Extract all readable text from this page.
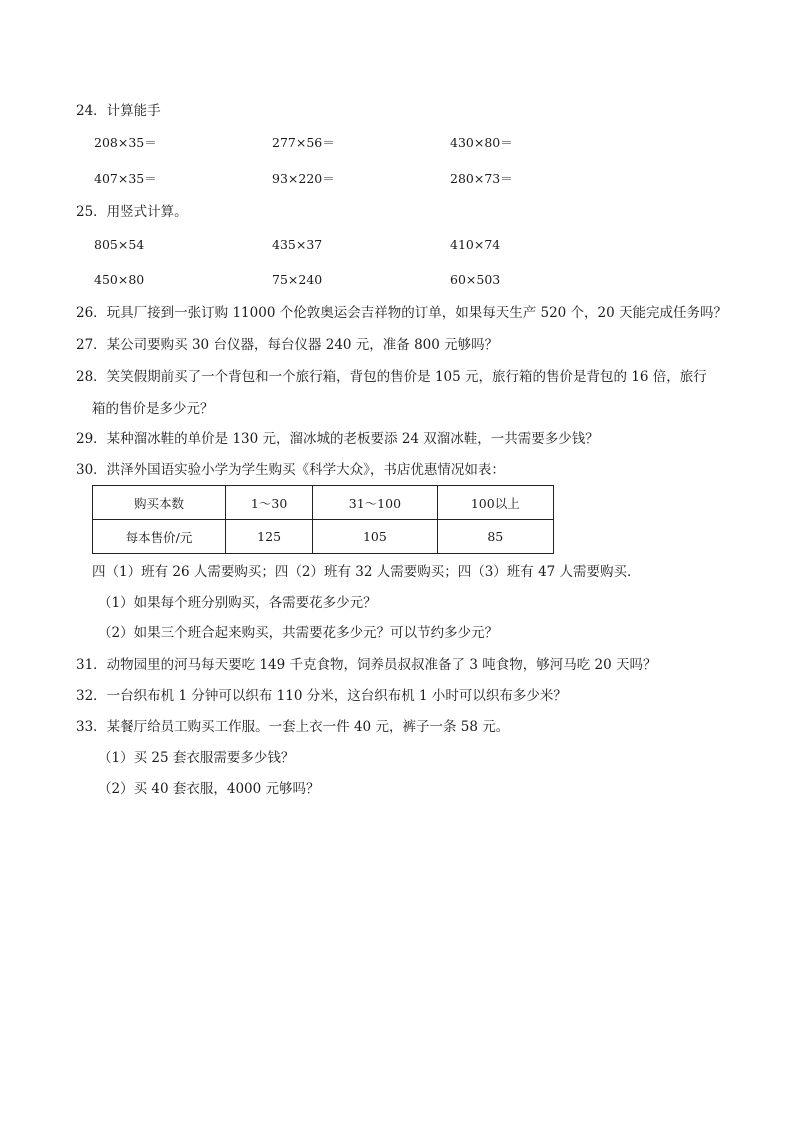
24．计算能手
208×35＝	277×56＝	430×80＝
407×35＝	93×220＝	280×73＝
25．用竖式计算。
805×54	435×37	410×74
450×80	75×240	60×503
26．玩具厂接到一张订购 11000 个伦敦奥运会吉祥物的订单，如果每天生产 520 个，20 天能完成任务吗？
27．某公司要购买 30 台仪器，每台仪器 240 元，准备 800 元够吗？
28．笑笑假期前买了一个背包和一个旅行箱，背包的售价是 105 元，旅行箱的售价是背包的 16 倍，旅行
箱的售价是多少元？
29．某种溜冰鞋的单价是 130 元，溜冰城的老板要添 24 双溜冰鞋，一共需要多少钱？
30．洪泽外国语实验小学为学生购买《科学大众》，书店优惠情况如表：
购买本数	1～30	31～100	100以上
每本售价/元	125	105	85
四（1）班有 26 人需要购买；四（2）班有 32 人需要购买；四（3）班有 47 人需要购买．
（1）如果每个班分别购买，各需要花多少元？
（2）如果三个班合起来购买，共需要花多少元？可以节约多少元？
31．动物园里的河马每天要吃 149 千克食物，饲养员叔叔准备了 3 吨食物，够河马吃 20 天吗？
32．一台织布机 1 分钟可以织布 110 分米，这台织布机 1 小时可以织布多少米？
33．某餐厅给员工购买工作服。一套上衣一件 40 元，裤子一条 58 元。
（1）买 25 套衣服需要多少钱？
（2）买 40 套衣服，4000 元够吗？
